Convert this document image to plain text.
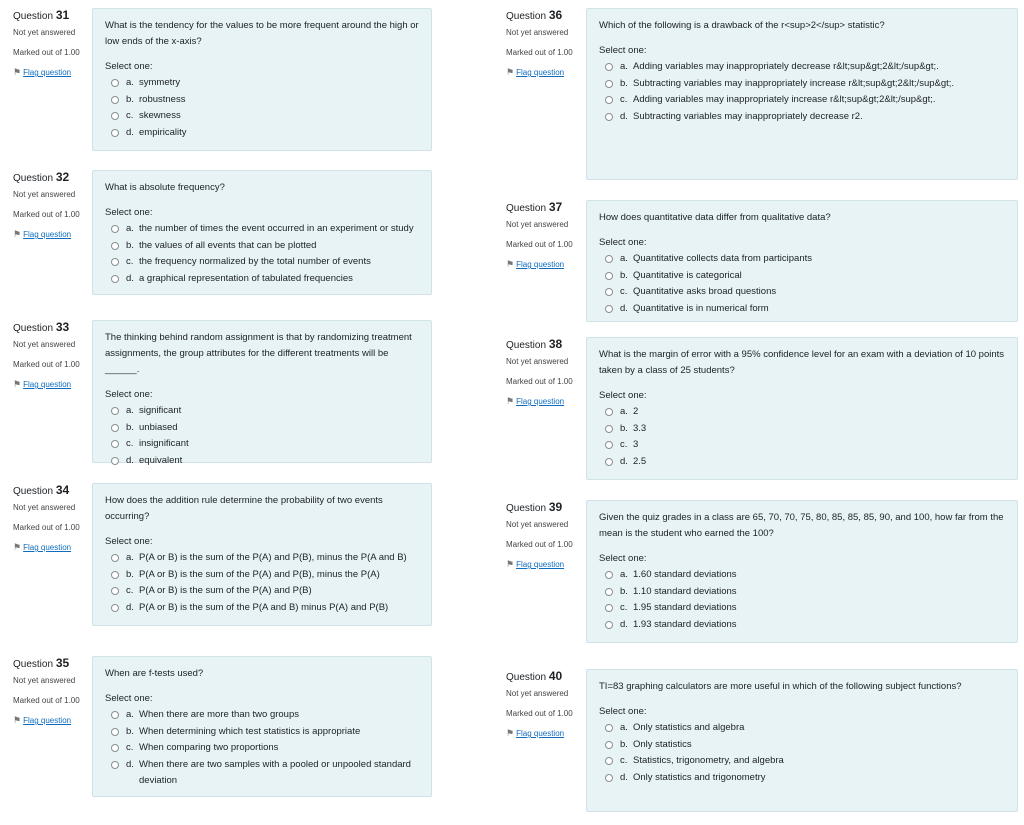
Question 31
Not yet answered
Marked out of 1.00
⚑ Flag question
What is the tendency for the values to be more frequent around the high or low ends of the x-axis?
Select one:
a. symmetry
b. robustness
c. skewness
d. empiricality
Question 32
Not yet answered
Marked out of 1.00
⚑ Flag question
What is absolute frequency?
Select one:
a. the number of times the event occurred in an experiment or study
b. the values of all events that can be plotted
c. the frequency normalized by the total number of events
d. a graphical representation of tabulated frequencies
Question 33
Not yet answered
Marked out of 1.00
⚑ Flag question
The thinking behind random assignment is that by randomizing treatment assignments, the group attributes for the different treatments will be ______.
Select one:
a. significant
b. unbiased
c. insignificant
d. equivalent
Question 34
Not yet answered
Marked out of 1.00
⚑ Flag question
How does the addition rule determine the probability of two events occurring?
Select one:
a. P(A or B) is the sum of the P(A) and P(B), minus the P(A and B)
b. P(A or B) is the sum of the P(A) and P(B), minus the P(A)
c. P(A or B) is the sum of the P(A) and P(B)
d. P(A or B) is the sum of the P(A and B) minus P(A) and P(B)
Question 35
Not yet answered
Marked out of 1.00
⚑ Flag question
When are f-tests used?
Select one:
a. When there are more than two groups
b. When determining which test statistics is appropriate
c. When comparing two proportions
d. When there are two samples with a pooled or unpooled standard deviation
Question 36
Not yet answered
Marked out of 1.00
⚑ Flag question
Which of the following is a drawback of the r<sup>2</sup> statistic?
Select one:
a. Adding variables may inappropriately decrease r&lt;sup&gt;2&lt;/sup&gt;.
b. Subtracting variables may inappropriately increase r&lt;sup&gt;2&lt;/sup&gt;.
c. Adding variables may inappropriately increase r&lt;sup&gt;2&lt;/sup&gt;.
d. Subtracting variables may inappropriately decrease r2.
Question 37
Not yet answered
Marked out of 1.00
⚑ Flag question
How does quantitative data differ from qualitative data?
Select one:
a. Quantitative collects data from participants
b. Quantitative is categorical
c. Quantitative asks broad questions
d. Quantitative is in numerical form
Question 38
Not yet answered
Marked out of 1.00
⚑ Flag question
What is the margin of error with a 95% confidence level for an exam with a deviation of 10 points taken by a class of 25 students?
Select one:
a. 2
b. 3.3
c. 3
d. 2.5
Question 39
Not yet answered
Marked out of 1.00
⚑ Flag question
Given the quiz grades in a class are 65, 70, 70, 75, 80, 85, 85, 85, 90, and 100, how far from the mean is the student who earned the 100?
Select one:
a. 1.60 standard deviations
b. 1.10 standard deviations
c. 1.95 standard deviations
d. 1.93 standard deviations
Question 40
Not yet answered
Marked out of 1.00
⚑ Flag question
TI=83 graphing calculators are more useful in which of the following subject functions?
Select one:
a. Only statistics and algebra
b. Only statistics
c. Statistics, trigonometry, and algebra
d. Only statistics and trigonometry
